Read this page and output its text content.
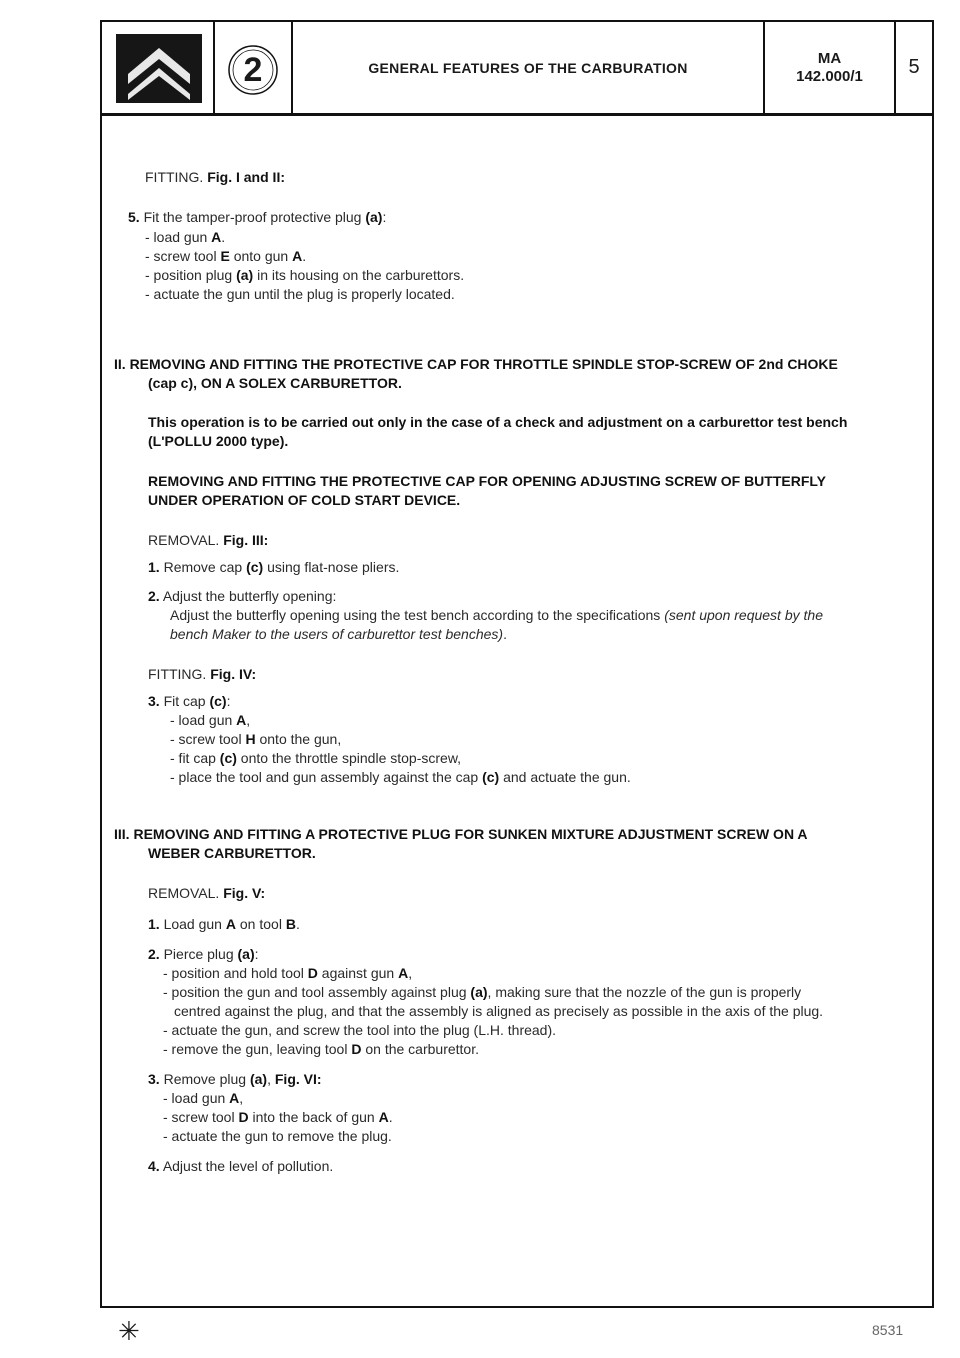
2	GENERAL FEATURES OF THE CARBURATION
MA
142.000/1 5
FITTING. Fig. I and II:
5. Fit the tamper-proof protective plug (a):
- load gun A.
- screw tool E onto gun A.
- position plug (a) in its housing on the carburettors.
- actuate the gun until the plug is properly located.
II. REMOVING AND FITTING THE PROTECTIVE CAP FOR THROTTLE SPINDLE STOP-SCREW OF 2nd CHOKE
(cap c), ON A SOLEX CARBURETTOR.
This operation is to be carried out only in the case of a check and adjustment on a carburettor test bench
(L'POLLU 2000 type).
REMOVING AND FITTING THE PROTECTIVE CAP FOR OPENING ADJUSTING SCREW OF BUTTERFLY
UNDER OPERATION OF COLD START DEVICE.
REMOVAL. Fig. III:
1. Remove cap (c) using flat-nose pliers.
2. Adjust the butterfly opening:
Adjust the butterfly opening using the test bench according to the specifications (sent upon request by the
bench Maker to the users of carburettor test benches).
FITTING. Fig. IV:
3. Fit cap (c):
- load gun A,
- screw tool H onto the gun,
- fit cap (c) onto the throttle spindle stop-screw,
- place the tool and gun assembly against the cap (c) and actuate the gun.
III. REMOVING AND FITTING A PROTECTIVE PLUG FOR SUNKEN MIXTURE ADJUSTMENT SCREW ON A
WEBER CARBURETTOR.
REMOVAL. Fig. V:
1. Load gun A on tool B.
2. Pierce plug (a):
- position and hold tool D against gun A,
- position the gun and tool assembly against plug (a), making sure that the nozzle of the gun is properly
centred against the plug, and that the assembly is aligned as precisely as possible in the axis of the plug.
- actuate the gun, and screw the tool into the plug (L.H. thread).
- remove the gun, leaving tool D on the carburettor.
3. Remove plug (a), Fig. VI:
- load gun A,
- screw tool D into the back of gun A.
- actuate the gun to remove the plug.
4. Adjust the level of pollution.
✳	8531
